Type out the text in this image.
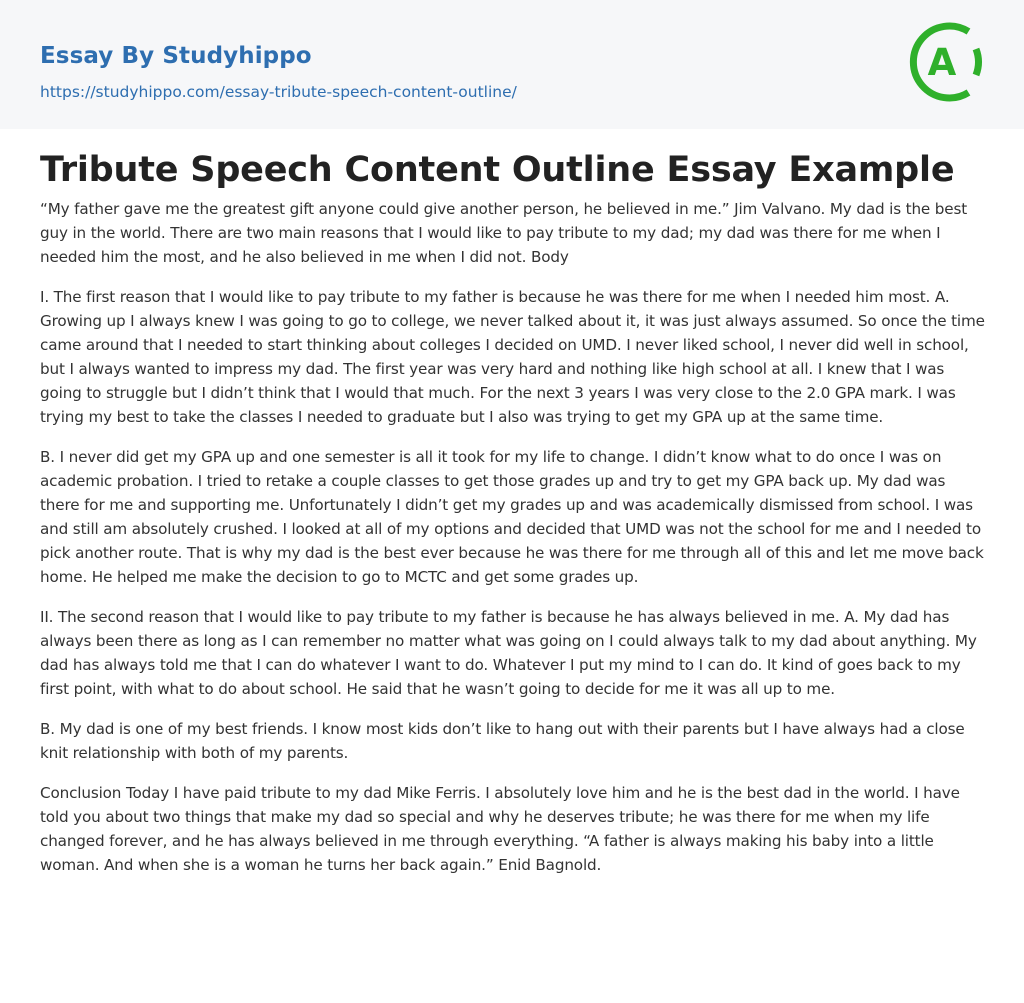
Essay By Studyhippo
https://studyhippo.com/essay-tribute-speech-content-outline/
A
Tribute Speech Content Outline Essay Example

“My father gave me the greatest gift anyone could give another person, he believed in me.” Jim Valvano. My dad is the best guy in the world. There are two main reasons that I would like to pay tribute to my dad; my dad was there for me when I needed him the most, and he also believed in me when I did not. Body

I. The first reason that I would like to pay tribute to my father is because he was there for me when I needed him most. A. Growing up I always knew I was going to go to college, we never talked about it, it was just always assumed. So once the time came around that I needed to start thinking about colleges I decided on UMD. I never liked school, I never did well in school, but I always wanted to impress my dad. The first year was very hard and nothing like high school at all. I knew that I was going to struggle but I didn’t think that I would that much. For the next 3 years I was very close to the 2.0 GPA mark. I was trying my best to take the classes I needed to graduate but I also was trying to get my GPA up at the same time.

B. I never did get my GPA up and one semester is all it took for my life to change. I didn’t know what to do once I was on academic probation. I tried to retake a couple classes to get those grades up and try to get my GPA back up. My dad was there for me and supporting me. Unfortunately I didn’t get my grades up and was academically dismissed from school. I was and still am absolutely crushed. I looked at all of my options and decided that UMD was not the school for me and I needed to pick another route. That is why my dad is the best ever because he was there for me through all of this and let me move back home. He helped me make the decision to go to MCTC and get some grades up.

II. The second reason that I would like to pay tribute to my father is because he has always believed in me. A. My dad has always been there as long as I can remember no matter what was going on I could always talk to my dad about anything. My dad has always told me that I can do whatever I want to do. Whatever I put my mind to I can do. It kind of goes back to my first point, with what to do about school. He said that he wasn’t going to decide for me it was all up to me.

B. My dad is one of my best friends. I know most kids don’t like to hang out with their parents but I have always had a close knit relationship with both of my parents.

Conclusion Today I have paid tribute to my dad Mike Ferris. I absolutely love him and he is the best dad in the world. I have told you about two things that make my dad so special and why he deserves tribute; he was there for me when my life changed forever, and he has always believed in me through everything. “A father is always making his baby into a little woman. And when she is a woman he turns her back again.” Enid Bagnold.
